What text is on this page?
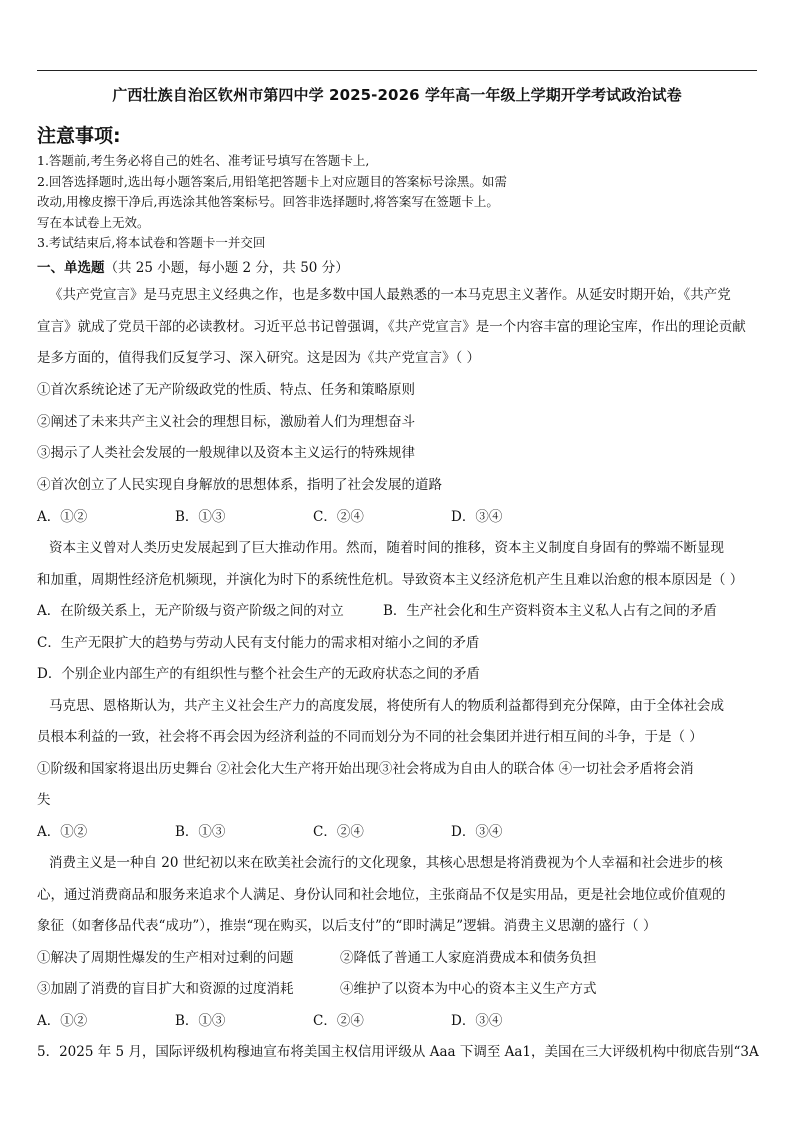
广西壮族自治区钦州市第四中学 2025-2026 学年高一年级上学期开学考试政治试卷
注意事项:
1.答题前,考生务必将自己的姓名、准考证号填写在答题卡上,
2.回答选择题时,选出每小题答案后,用铅笔把答题卡上对应题目的答案标号涂黑。如需
改动,用橡皮擦干净后,再选涂其他答案标号。回答非选择题时,将答案写在签题卡上。
写在本试卷上无效。
3.考试结束后,将本试卷和答题卡一并交回
一、单选题（共 25 小题，每小题 2 分，共 50 分）
《共产党宣言》是马克思主义经典之作，也是多数中国人最熟悉的一本马克思主义著作。从延安时期开始，《共产党
宣言》就成了党员干部的必读教材。习近平总书记曾强调，《共产党宣言》是一个内容丰富的理论宝库，作出的理论贡献
是多方面的，值得我们反复学习、深入研究。这是因为《共产党宣言》（ ）
①首次系统论述了无产阶级政党的性质、特点、任务和策略原则
②阐述了未来共产主义社会的理想目标，激励着人们为理想奋斗
③揭示了人类社会发展的一般规律以及资本主义运行的特殊规律
④首次创立了人民实现自身解放的思想体系，指明了社会发展的道路
A．①②	B．①③	C．②④	D．③④
资本主义曾对人类历史发展起到了巨大推动作用。然而，随着时间的推移，资本主义制度自身固有的弊端不断显现
和加重，周期性经济危机频现，并演化为时下的系统性危机。导致资本主义经济危机产生且难以治愈的根本原因是（ ）
A．在阶级关系上，无产阶级与资产阶级之间的对立	B．生产社会化和生产资料资本主义私人占有之间的矛盾
C．生产无限扩大的趋势与劳动人民有支付能力的需求相对缩小之间的矛盾
D．个别企业内部生产的有组织性与整个社会生产的无政府状态之间的矛盾
马克思、恩格斯认为，共产主义社会生产力的高度发展，将使所有人的物质利益都得到充分保障，由于全体社会成
员根本利益的一致，社会将不再会因为经济利益的不同而划分为不同的社会集团并进行相互间的斗争，于是（ ）
①阶级和国家将退出历史舞台 ②社会化大生产将开始出现③社会将成为自由人的联合体 ④一切社会矛盾将会消
失
A．①②	B．①③	C．②④	D．③④
消费主义是一种自 20 世纪初以来在欧美社会流行的文化现象，其核心思想是将消费视为个人幸福和社会进步的核
心，通过消费商品和服务来追求个人满足、身份认同和社会地位，主张商品不仅是实用品，更是社会地位或价值观的
象征（如奢侈品代表“成功”），推崇“现在购买，以后支付”的“即时满足”逻辑。消费主义思潮的盛行（ ）
①解决了周期性爆发的生产相对过剩的问题	②降低了普通工人家庭消费成本和债务负担
③加剧了消费的盲目扩大和资源的过度消耗	④维护了以资本为中心的资本主义生产方式
A．①②	B．①③	C．②④	D．③④
5．2025 年 5 月，国际评级机构穆迪宣布将美国主权信用评级从 Aaa 下调至 Aa1，美国在三大评级机构中彻底告别“3A
